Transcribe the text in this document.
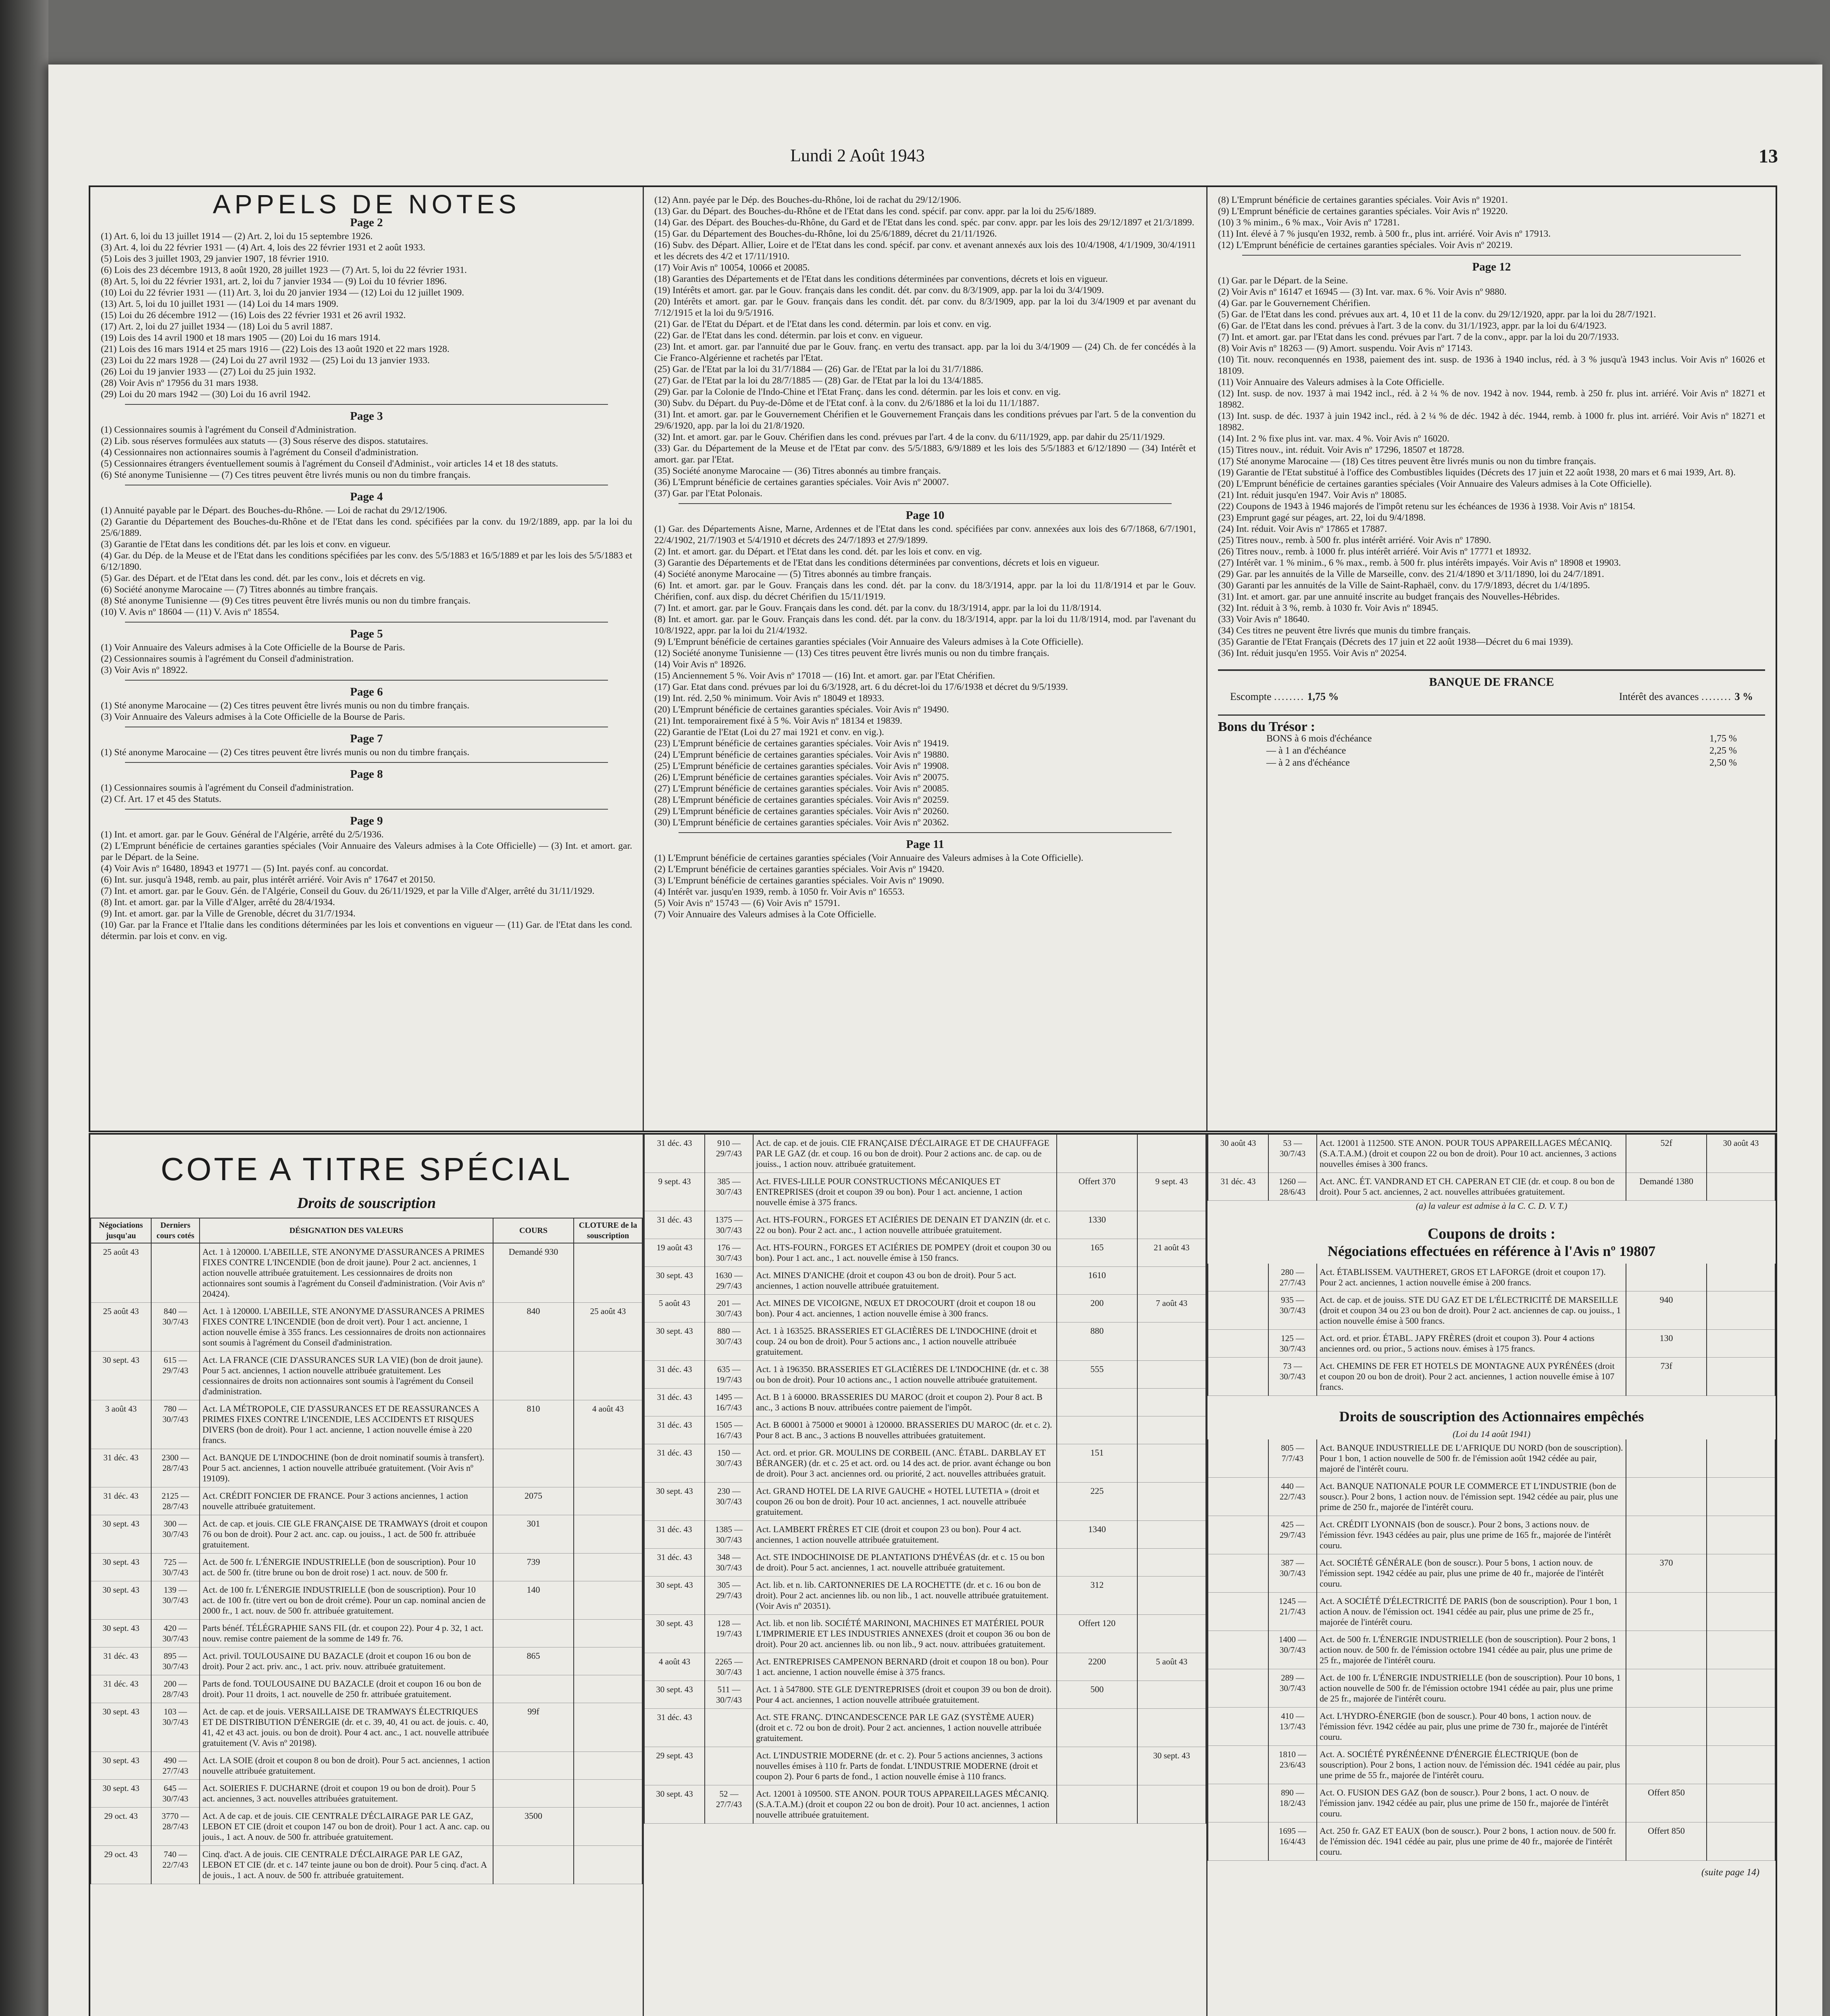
Lundi 2 Août 1943	13
APPELS DE NOTES
Page 2

(1) Art. 6, loi du 13 juillet 1914 — (2) Art. 2, loi du 15 septembre 1926.

(3) Art. 4, loi du 22 février 1931 — (4) Art. 4, lois des 22 février 1931 et 2 août 1933.

(5) Lois des 3 juillet 1903, 29 janvier 1907, 18 février 1910.

(6) Lois des 23 décembre 1913, 8 août 1920, 28 juillet 1923 — (7) Art. 5, loi du 22 février 1931.

(8) Art. 5, loi du 22 février 1931, art. 2, loi du 7 janvier 1934 — (9) Loi du 10 février 1896.

(10) Loi du 22 février 1931 — (11) Art. 3, loi du 20 janvier 1934 — (12) Loi du 12 juillet 1909.

(13) Art. 5, loi du 10 juillet 1931 — (14) Loi du 14 mars 1909.

(15) Loi du 26 décembre 1912 — (16) Lois des 22 février 1931 et 26 avril 1932.

(17) Art. 2, loi du 27 juillet 1934 — (18) Loi du 5 avril 1887.

(19) Lois des 14 avril 1900 et 18 mars 1905 — (20) Loi du 16 mars 1914.

(21) Lois des 16 mars 1914 et 25 mars 1916 — (22) Lois des 13 août 1920 et 22 mars 1928.

(23) Loi du 22 mars 1928 — (24) Loi du 27 avril 1932 — (25) Loi du 13 janvier 1933.

(26) Loi du 19 janvier 1933 — (27) Loi du 25 juin 1932.

(28) Voir Avis nº 17956 du 31 mars 1938.

(29) Loi du 20 mars 1942 — (30) Loi du 16 avril 1942.

Page 3

(1) Cessionnaires soumis à l'agrément du Conseil d'Administration.

(2) Lib. sous réserves formulées aux statuts — (3) Sous réserve des dispos. statutaires.

(4) Cessionnaires non actionnaires soumis à l'agrément du Conseil d'administration.

(5) Cessionnaires étrangers éventuellement soumis à l'agrément du Conseil d'Administ., voir articles 14 et 18 des statuts.

(6) Sté anonyme Tunisienne — (7) Ces titres peuvent être livrés munis ou non du timbre français.

Page 4

(1) Annuité payable par le Départ. des Bouches-du-Rhône. — Loi de rachat du 29/12/1906.

(2) Garantie du Département des Bouches-du-Rhône et de l'Etat dans les cond. spécifiées par la conv. du 19/2/1889, app. par la loi du 25/6/1889.

(3) Garantie de l'Etat dans les conditions dét. par les lois et conv. en vigueur.

(4) Gar. du Dép. de la Meuse et de l'Etat dans les conditions spécifiées par les conv. des 5/5/1883 et 16/5/1889 et par les lois des 5/5/1883 et 6/12/1890.

(5) Gar. des Départ. et de l'Etat dans les cond. dét. par les conv., lois et décrets en vig.

(6) Société anonyme Marocaine — (7) Titres abonnés au timbre français.

(8) Sté anonyme Tunisienne — (9) Ces titres peuvent être livrés munis ou non du timbre français.

(10) V. Avis nº 18604 — (11) V. Avis nº 18554.

Page 5

(1) Voir Annuaire des Valeurs admises à la Cote Officielle de la Bourse de Paris.

(2) Cessionnaires soumis à l'agrément du Conseil d'administration.

(3) Voir Avis nº 18922.

Page 6

(1) Sté anonyme Marocaine — (2) Ces titres peuvent être livrés munis ou non du timbre français.

(3) Voir Annuaire des Valeurs admises à la Cote Officielle de la Bourse de Paris.

Page 7

(1) Sté anonyme Marocaine — (2) Ces titres peuvent être livrés munis ou non du timbre français.

Page 8

(1) Cessionnaires soumis à l'agrément du Conseil d'administration.

(2) Cf. Art. 17 et 45 des Statuts.

Page 9

(1) Int. et amort. gar. par le Gouv. Général de l'Algérie, arrêté du 2/5/1936.

(2) L'Emprunt bénéficie de certaines garanties spéciales (Voir Annuaire des Valeurs admises à la Cote Officielle) — (3) Int. et amort. gar. par le Départ. de la Seine.

(4) Voir Avis nº 16480, 18943 et 19771 — (5) Int. payés conf. au concordat.

(6) Int. sur. jusqu'à 1948, remb. au pair, plus intérêt arriéré. Voir Avis nº 17647 et 20150.

(7) Int. et amort. gar. par le Gouv. Gén. de l'Algérie, Conseil du Gouv. du 26/11/1929, et par la Ville d'Alger, arrêté du 31/11/1929.

(8) Int. et amort. gar. par la Ville d'Alger, arrêté du 28/4/1934.

(9) Int. et amort. gar. par la Ville de Grenoble, décret du 31/7/1934.

(10) Gar. par la France et l'Italie dans les conditions déterminées par les lois et conventions en vigueur — (11) Gar. de l'Etat dans les cond. détermin. par lois et conv. en vig.

(12) Ann. payée par le Dép. des Bouches-du-Rhône, loi de rachat du 29/12/1906.

(13) Gar. du Départ. des Bouches-du-Rhône et de l'Etat dans les cond. spécif. par conv. appr. par la loi du 25/6/1889.

(14) Gar. des Départ. des Bouches-du-Rhône, du Gard et de l'Etat dans les cond. spéc. par conv. appr. par les lois des 29/12/1897 et 21/3/1899.

(15) Gar. du Département des Bouches-du-Rhône, loi du 25/6/1889, décret du 21/11/1926.

(16) Subv. des Départ. Allier, Loire et de l'Etat dans les cond. spécif. par conv. et avenant annexés aux lois des 10/4/1908, 4/1/1909, 30/4/1911 et les décrets des 4/2 et 17/11/1910.

(17) Voir Avis nº 10054, 10066 et 20085.

(18) Garanties des Départements et de l'Etat dans les conditions déterminées par conventions, décrets et lois en vigueur.

(19) Intérêts et amort. gar. par le Gouv. français dans les condit. dét. par conv. du 8/3/1909, app. par la loi du 3/4/1909.

(20) Intérêts et amort. gar. par le Gouv. français dans les condit. dét. par conv. du 8/3/1909, app. par la loi du 3/4/1909 et par avenant du 7/12/1915 et la loi du 9/5/1916.

(21) Gar. de l'Etat du Départ. et de l'Etat dans les cond. détermin. par lois et conv. en vig.

(22) Gar. de l'Etat dans les cond. détermin. par lois et conv. en vigueur.

(23) Int. et amort. gar. par l'annuité due par le Gouv. franç. en vertu des transact. app. par la loi du 3/4/1909 — (24) Ch. de fer concédés à la Cie Franco-Algérienne et rachetés par l'Etat.

(25) Gar. de l'Etat par la loi du 31/7/1884 — (26) Gar. de l'Etat par la loi du 31/7/1886.

(27) Gar. de l'Etat par la loi du 28/7/1885 — (28) Gar. de l'Etat par la loi du 13/4/1885.

(29) Gar. par la Colonie de l'Indo-Chine et l'Etat Franç. dans les cond. détermin. par les lois et conv. en vig.

(30) Subv. du Départ. du Puy-de-Dôme et de l'Etat conf. à la conv. du 2/6/1886 et la loi du 11/1/1887.

(31) Int. et amort. gar. par le Gouvernement Chérifien et le Gouvernement Français dans les conditions prévues par l'art. 5 de la convention du 29/6/1920, app. par la loi du 21/8/1920.

(32) Int. et amort. gar. par le Gouv. Chérifien dans les cond. prévues par l'art. 4 de la conv. du 6/11/1929, app. par dahir du 25/11/1929.

(33) Gar. du Département de la Meuse et de l'Etat par conv. des 5/5/1883, 6/9/1889 et les lois des 5/5/1883 et 6/12/1890 — (34) Intérêt et amort. gar. par l'Etat.

(35) Société anonyme Marocaine — (36) Titres abonnés au timbre français.

(36) L'Emprunt bénéficie de certaines garanties spéciales. Voir Avis nº 20007.

(37) Gar. par l'Etat Polonais.

Page 10

(1) Gar. des Départements Aisne, Marne, Ardennes et de l'Etat dans les cond. spécifiées par conv. annexées aux lois des 6/7/1868, 6/7/1901, 22/4/1902, 21/7/1903 et 5/4/1910 et décrets des 24/7/1893 et 27/9/1899.

(2) Int. et amort. gar. du Départ. et l'Etat dans les cond. dét. par les lois et conv. en vig.

(3) Garantie des Départements et de l'Etat dans les conditions déterminées par conventions, décrets et lois en vigueur.

(4) Société anonyme Marocaine — (5) Titres abonnés au timbre français.

(6) Int. et amort. gar. par le Gouv. Français dans les cond. dét. par la conv. du 18/3/1914, appr. par la loi du 11/8/1914 et par le Gouv. Chérifien, conf. aux disp. du décret Chérifien du 15/11/1919.

(7) Int. et amort. gar. par le Gouv. Français dans les cond. dét. par la conv. du 18/3/1914, appr. par la loi du 11/8/1914.

(8) Int. et amort. gar. par le Gouv. Français dans les cond. dét. par la conv. du 18/3/1914, appr. par la loi du 11/8/1914, mod. par l'avenant du 10/8/1922, appr. par la loi du 21/4/1932.

(9) L'Emprunt bénéficie de certaines garanties spéciales (Voir Annuaire des Valeurs admises à la Cote Officielle).

(12) Société anonyme Tunisienne — (13) Ces titres peuvent être livrés munis ou non du timbre français.

(14) Voir Avis nº 18926.

(15) Anciennement 5 %. Voir Avis nº 17018 — (16) Int. et amort. gar. par l'Etat Chérifien.

(17) Gar. Etat dans cond. prévues par loi du 6/3/1928, art. 6 du décret-loi du 17/6/1938 et décret du 9/5/1939.

(19) Int. réd. 2,50 % minimum. Voir Avis nº 18049 et 18933.

(20) L'Emprunt bénéficie de certaines garanties spéciales. Voir Avis nº 19490.

(21) Int. temporairement fixé à 5 %. Voir Avis nº 18134 et 19839.

(22) Garantie de l'Etat (Loi du 27 mai 1921 et conv. en vig.).

(23) L'Emprunt bénéficie de certaines garanties spéciales. Voir Avis nº 19419.

(24) L'Emprunt bénéficie de certaines garanties spéciales. Voir Avis nº 19880.

(25) L'Emprunt bénéficie de certaines garanties spéciales. Voir Avis nº 19908.

(26) L'Emprunt bénéficie de certaines garanties spéciales. Voir Avis nº 20075.

(27) L'Emprunt bénéficie de certaines garanties spéciales. Voir Avis nº 20085.

(28) L'Emprunt bénéficie de certaines garanties spéciales. Voir Avis nº 20259.

(29) L'Emprunt bénéficie de certaines garanties spéciales. Voir Avis nº 20260.

(30) L'Emprunt bénéficie de certaines garanties spéciales. Voir Avis nº 20362.

Page 11

(1) L'Emprunt bénéficie de certaines garanties spéciales (Voir Annuaire des Valeurs admises à la Cote Officielle).

(2) L'Emprunt bénéficie de certaines garanties spéciales. Voir Avis nº 19420.

(3) L'Emprunt bénéficie de certaines garanties spéciales. Voir Avis nº 19090.

(4) Intérêt var. jusqu'en 1939, remb. à 1050 fr. Voir Avis nº 16553.

(5) Voir Avis nº 15743 — (6) Voir Avis nº 15791.

(7) Voir Annuaire des Valeurs admises à la Cote Officielle.

(8) L'Emprunt bénéficie de certaines garanties spéciales. Voir Avis nº 19201.

(9) L'Emprunt bénéficie de certaines garanties spéciales. Voir Avis nº 19220.

(10) 3 % minim., 6 % max., Voir Avis nº 17281.

(11) Int. élevé à 7 % jusqu'en 1932, remb. à 500 fr., plus int. arriéré. Voir Avis nº 17913.

(12) L'Emprunt bénéficie de certaines garanties spéciales. Voir Avis nº 20219.

Page 12

(1) Gar. par le Départ. de la Seine.

(2) Voir Avis nº 16147 et 16945 — (3) Int. var. max. 6 %. Voir Avis nº 9880.

(4) Gar. par le Gouvernement Chérifien.

(5) Gar. de l'Etat dans les cond. prévues aux art. 4, 10 et 11 de la conv. du 29/12/1920, appr. par la loi du 28/7/1921.

(6) Gar. de l'Etat dans les cond. prévues à l'art. 3 de la conv. du 31/1/1923, appr. par la loi du 6/4/1923.

(7) Int. et amort. gar. par l'Etat dans les cond. prévues par l'art. 7 de la conv., appr. par la loi du 20/7/1933.

(8) Voir Avis nº 18263 — (9) Amort. suspendu. Voir Avis nº 17143.

(10) Tit. nouv. reconquennés en 1938, paiement des int. susp. de 1936 à 1940 inclus, réd. à 3 % jusqu'à 1943 inclus. Voir Avis nº 16026 et 18109.

(11) Voir Annuaire des Valeurs admises à la Cote Officielle.

(12) Int. susp. de nov. 1937 à mai 1942 incl., réd. à 2 ¼ % de nov. 1942 à nov. 1944, remb. à 250 fr. plus int. arriéré. Voir Avis nº 18271 et 18982.

(13) Int. susp. de déc. 1937 à juin 1942 incl., réd. à 2 ¼ % de déc. 1942 à déc. 1944, remb. à 1000 fr. plus int. arriéré. Voir Avis nº 18271 et 18982.

(14) Int. 2 % fixe plus int. var. max. 4 %. Voir Avis nº 16020.

(15) Titres nouv., int. réduit. Voir Avis nº 17296, 18507 et 18728.

(17) Sté anonyme Marocaine — (18) Ces titres peuvent être livrés munis ou non du timbre français.

(19) Garantie de l'Etat substitué à l'office des Combustibles liquides (Décrets des 17 juin et 22 août 1938, 20 mars et 6 mai 1939, Art. 8).

(20) L'Emprunt bénéficie de certaines garanties spéciales (Voir Annuaire des Valeurs admises à la Cote Officielle).

(21) Int. réduit jusqu'en 1947. Voir Avis nº 18085.

(22) Coupons de 1943 à 1946 majorés de l'impôt retenu sur les échéances de 1936 à 1938. Voir Avis nº 18154.

(23) Emprunt gagé sur péages, art. 22, loi du 9/4/1898.

(24) Int. réduit. Voir Avis nº 17865 et 17887.

(25) Titres nouv., remb. à 500 fr. plus intérêt arriéré. Voir Avis nº 17890.

(26) Titres nouv., remb. à 1000 fr. plus intérêt arriéré. Voir Avis nº 17771 et 18932.

(27) Intérêt var. 1 % minim., 6 % max., remb. à 500 fr. plus intérêts impayés. Voir Avis nº 18908 et 19903.

(29) Gar. par les annuités de la Ville de Marseille, conv. des 21/4/1890 et 3/11/1890, loi du 24/7/1891.

(30) Garanti par les annuités de la Ville de Saint-Raphaël, conv. du 17/9/1893, décret du 1/4/1895.

(31) Int. et amort. gar. par une annuité inscrite au budget français des Nouvelles-Hébrides.

(32) Int. réduit à 3 %, remb. à 1030 fr. Voir Avis nº 18945.

(33) Voir Avis nº 18640.

(34) Ces titres ne peuvent être livrés que munis du timbre français.

(35) Garantie de l'Etat Français (Décrets des 17 juin et 22 août 1938—Décret du 6 mai 1939).

(36) Int. réduit jusqu'en 1955. Voir Avis nº 20254.

BANQUE DE FRANCE
Escompte ........ 1,75 %	Intérêt des avances ........ 3 %
Bons du Trésor :
BONS à 6 mois d'échéance	1,75 %
— à 1 an d'échéance	2,25 %
— à 2 ans d'échéance	2,50 %
COTE A TITRE SPÉCIAL
Droits de souscription
Négociations jusqu'au	Derniers cours cotés	DÉSIGNATION DES VALEURS	COURS	CLOTURE de la souscription
25 août 43		Act. 1 à 120000. L'ABEILLE, STE ANONYME D'ASSURANCES A PRIMES FIXES CONTRE L'INCENDIE (bon de droit jaune). Pour 2 act. anciennes, 1 action nouvelle attribuée gratuitement. Les cessionnaires de droits non actionnaires sont soumis à l'agrément du Conseil d'administration. (Voir Avis nº 20424).	Demandé 930	
25 août 43	840 — 30/7/43	Act. 1 à 120000. L'ABEILLE, STE ANONYME D'ASSURANCES A PRIMES FIXES CONTRE L'INCENDIE (bon de droit vert). Pour 1 act. ancienne, 1 action nouvelle émise à 355 francs. Les cessionnaires de droits non actionnaires sont soumis à l'agrément du Conseil d'administration.	840	25 août 43
30 sept. 43	615 — 29/7/43	Act. LA FRANCE (CIE D'ASSURANCES SUR LA VIE) (bon de droit jaune). Pour 5 act. anciennes, 1 action nouvelle attribuée gratuitement. Les cessionnaires de droits non actionnaires sont soumis à l'agrément du Conseil d'administration.		
3 août 43	780 — 30/7/43	Act. LA MÉTROPOLE, CIE D'ASSURANCES ET DE REASSURANCES A PRIMES FIXES CONTRE L'INCENDIE, LES ACCIDENTS ET RISQUES DIVERS (bon de droit). Pour 1 act. ancienne, 1 action nouvelle émise à 220 francs.	810	4 août 43
31 déc. 43	2300 — 28/7/43	Act. BANQUE DE L'INDOCHINE (bon de droit nominatif soumis à transfert). Pour 5 act. anciennes, 1 action nouvelle attribuée gratuitement. (Voir Avis nº 19109).		
31 déc. 43	2125 — 28/7/43	Act. CRÉDIT FONCIER DE FRANCE. Pour 3 actions anciennes, 1 action nouvelle attribuée gratuitement.	2075	
30 sept. 43	300 — 30/7/43	Act. de cap. et jouis. CIE GLE FRANÇAISE DE TRAMWAYS (droit et coupon 76 ou bon de droit). Pour 2 act. anc. cap. ou jouiss., 1 act. de 500 fr. attribuée gratuitement.	301	
30 sept. 43	725 — 30/7/43	Act. de 500 fr. L'ÉNERGIE INDUSTRIELLE (bon de souscription). Pour 10 act. de 500 fr. (titre brune ou bon de droit rose) 1 act. nouv. de 500 fr.	739	
30 sept. 43	139 — 30/7/43	Act. de 100 fr. L'ÉNERGIE INDUSTRIELLE (bon de souscription). Pour 10 act. de 100 fr. (titre vert ou bon de droit créme). Pour un cap. nominal ancien de 2000 fr., 1 act. nouv. de 500 fr. attribuée gratuitement.	140	
30 sept. 43	420 — 30/7/43	Parts bénéf. TÉLÉGRAPHIE SANS FIL (dr. et coupon 22). Pour 4 p. 32, 1 act. nouv. remise contre paiement de la somme de 149 fr. 76.		
31 déc. 43	895 — 30/7/43	Act. privil. TOULOUSAINE DU BAZACLE (droit et coupon 16 ou bon de droit). Pour 2 act. priv. anc., 1 act. priv. nouv. attribuée gratuitement.	865	
31 déc. 43	200 — 28/7/43	Parts de fond. TOULOUSAINE DU BAZACLE (droit et coupon 16 ou bon de droit). Pour 11 droits, 1 act. nouvelle de 250 fr. attribuée gratuitement.		
30 sept. 43	103 — 30/7/43	Act. de cap. et de jouis. VERSAILLAISE DE TRAMWAYS ÉLECTRIQUES ET DE DISTRIBUTION D'ÉNERGIE (dr. et c. 39, 40, 41 ou act. de jouis. c. 40, 41, 42 et 43 act. jouis. ou bon de droit). Pour 4 act. anc., 1 act. nouvelle attribuée gratuitement (V. Avis nº 20198).	99f	
30 sept. 43	490 — 27/7/43	Act. LA SOIE (droit et coupon 8 ou bon de droit). Pour 5 act. anciennes, 1 action nouvelle attribuée gratuitement.		
30 sept. 43	645 — 30/7/43	Act. SOIERIES F. DUCHARNE (droit et coupon 19 ou bon de droit). Pour 5 act. anciennes, 3 act. nouvelles attribuées gratuitement.		
29 oct. 43	3770 — 28/7/43	Act. A de cap. et de jouis. CIE CENTRALE D'ÉCLAIRAGE PAR LE GAZ, LEBON ET CIE (droit et coupon 147 ou bon de droit). Pour 1 act. A anc. cap. ou jouis., 1 act. A nouv. de 500 fr. attribuée gratuitement.	3500	
29 oct. 43	740 — 22/7/43	Cinq. d'act. A de jouis. CIE CENTRALE D'ÉCLAIRAGE PAR LE GAZ, LEBON ET CIE (dr. et c. 147 teinte jaune ou bon de droit). Pour 5 cinq. d'act. A de jouis., 1 act. A nouv. de 500 fr. attribuée gratuitement.		
31 déc. 43	910 — 29/7/43	Act. de cap. et de jouis. CIE FRANÇAISE D'ÉCLAIRAGE ET DE CHAUFFAGE PAR LE GAZ (dr. et coup. 16 ou bon de droit). Pour 2 actions anc. de cap. ou de jouiss., 1 action nouv. attribuée gratuitement.		
9 sept. 43	385 — 30/7/43	Act. FIVES-LILLE POUR CONSTRUCTIONS MÉCANIQUES ET ENTREPRISES (droit et coupon 39 ou bon). Pour 1 act. ancienne, 1 action nouvelle émise à 375 francs.	Offert 370	9 sept. 43
31 déc. 43	1375 — 30/7/43	Act. HTS-FOURN., FORGES ET ACIÉRIES DE DENAIN ET D'ANZIN (dr. et c. 22 ou bon). Pour 2 act. anc., 1 action nouvelle attribuée gratuitement.	1330	
19 août 43	176 — 30/7/43	Act. HTS-FOURN., FORGES ET ACIÉRIES DE POMPEY (droit et coupon 30 ou bon). Pour 1 act. anc., 1 act. nouvelle émise à 150 francs.	165	21 août 43
30 sept. 43	1630 — 29/7/43	Act. MINES D'ANICHE (droit et coupon 43 ou bon de droit). Pour 5 act. anciennes, 1 action nouvelle attribuée gratuitement.	1610	
5 août 43	201 — 30/7/43	Act. MINES DE VICOIGNE, NŒUX ET DROCOURT (droit et coupon 18 ou bon). Pour 4 act. anciennes, 1 action nouvelle émise à 300 francs.	200	7 août 43
30 sept. 43	880 — 30/7/43	Act. 1 à 163525. BRASSERIES ET GLACIÈRES DE L'INDOCHINE (droit et coup. 24 ou bon de droit). Pour 5 actions anc., 1 action nouvelle attribuée gratuitement.	880	
31 déc. 43	635 — 19/7/43	Act. 1 à 196350. BRASSERIES ET GLACIÈRES DE L'INDOCHINE (dr. et c. 38 ou bon de droit). Pour 10 actions anc., 1 action nouvelle attribuée gratuitement.	555	
31 déc. 43	1495 — 16/7/43	Act. B 1 à 60000. BRASSERIES DU MAROC (droit et coupon 2). Pour 8 act. B anc., 3 actions B nouv. attribuées contre paiement de l'impôt.		
31 déc. 43	1505 — 16/7/43	Act. B 60001 à 75000 et 90001 à 120000. BRASSERIES DU MAROC (dr. et c. 2). Pour 8 act. B anc., 3 actions B nouvelles attribuées gratuitement.		
31 déc. 43	150 — 30/7/43	Act. ord. et prior. GR. MOULINS DE CORBEIL (ANC. ÉTABL. DARBLAY ET BÉRANGER) (dr. et c. 25 et act. ord. ou 14 des act. de prior. avant échange ou bon de droit). Pour 3 act. anciennes ord. ou priorité, 2 act. nouvelles attribuées gratuit.	151	
30 sept. 43	230 — 30/7/43	Act. GRAND HOTEL DE LA RIVE GAUCHE « HOTEL LUTETIA » (droit et coupon 26 ou bon de droit). Pour 10 act. anciennes, 1 act. nouvelle attribuée gratuitement.	225	
31 déc. 43	1385 — 30/7/43	Act. LAMBERT FRÈRES ET CIE (droit et coupon 23 ou bon). Pour 4 act. anciennes, 1 action nouvelle attribuée gratuitement.	1340	
31 déc. 43	348 — 30/7/43	Act. STE INDOCHINOISE DE PLANTATIONS D'HÉVÉAS (dr. et c. 15 ou bon de droit). Pour 5 act. anciennes, 1 act. nouvelle attribuée gratuitement.		
30 sept. 43	305 — 29/7/43	Act. lib. et n. lib. CARTONNERIES DE LA ROCHETTE (dr. et c. 16 ou bon de droit). Pour 2 act. anciennes lib. ou non lib., 1 act. nouvelle attribuée gratuitement. (Voir Avis nº 20351).	312	
30 sept. 43	128 — 19/7/43	Act. lib. et non lib. SOCIÉTÉ MARINONI, MACHINES ET MATÉRIEL POUR L'IMPRIMERIE ET LES INDUSTRIES ANNEXES (droit et coupon 36 ou bon de droit). Pour 20 act. anciennes lib. ou non lib., 9 act. nouv. attribuées gratuitement.	Offert 120	
4 août 43	2265 — 30/7/43	Act. ENTREPRISES CAMPENON BERNARD (droit et coupon 18 ou bon). Pour 1 act. ancienne, 1 action nouvelle émise à 375 francs.	2200	5 août 43
30 sept. 43	511 — 30/7/43	Act. 1 à 547800. STE GLE D'ENTREPRISES (droit et coupon 39 ou bon de droit). Pour 4 act. anciennes, 1 action nouvelle attribuée gratuitement.	500	
31 déc. 43		Act. STE FRANÇ. D'INCANDESCENCE PAR LE GAZ (SYSTÈME AUER) (droit et c. 72 ou bon de droit). Pour 2 act. anciennes, 1 action nouvelle attribuée gratuitement.		
29 sept. 43		Act. L'INDUSTRIE MODERNE (dr. et c. 2). Pour 5 actions anciennes, 3 actions nouvelles émises à 110 fr. Parts de fondat. L'INDUSTRIE MODERNE (droit et coupon 2). Pour 6 parts de fond., 1 action nouvelle émise à 110 francs.		30 sept. 43
30 sept. 43	52 — 27/7/43	Act. 12001 à 109500. STE ANON. POUR TOUS APPAREILLAGES MÉCANIQ. (S.A.T.A.M.) (droit et coupon 22 ou bon de droit). Pour 10 act. anciennes, 1 action nouvelle attribuée gratuitement.		
30 août 43	53 — 30/7/43	Act. 12001 à 112500. STE ANON. POUR TOUS APPAREILLAGES MÉCANIQ. (S.A.T.A.M.) (droit et coupon 22 ou bon de droit). Pour 10 act. anciennes, 3 actions nouvelles émises à 300 francs.	52f	30 août 43
31 déc. 43	1260 — 28/6/43	Act. ANC. ÉT. VANDRAND ET CH. CAPERAN ET CIE (dr. et coup. 8 ou bon de droit). Pour 5 act. anciennes, 2 act. nouvelles attribuées gratuitement.	Demandé 1380	
(a) la valeur est admise à la C. C. D. V. T.)
Coupons de droits :
Négociations effectuées en référence à l'Avis nº 19807
	280 — 27/7/43	Act. ÉTABLISSEM. VAUTHERET, GROS ET LAFORGE (droit et coupon 17). Pour 2 act. anciennes, 1 action nouvelle émise à 200 francs.		
	935 — 30/7/43	Act. de cap. et de jouiss. STE DU GAZ ET DE L'ÉLECTRICITÉ DE MARSEILLE (droit et coupon 34 ou 23 ou bon de droit). Pour 2 act. anciennes de cap. ou jouiss., 1 action nouvelle émise à 500 francs.	940	
	125 — 30/7/43	Act. ord. et prior. ÉTABL. JAPY FRÈRES (droit et coupon 3). Pour 4 actions anciennes ord. ou prior., 5 actions nouv. émises à 175 francs.	130	
	73 — 30/7/43	Act. CHEMINS DE FER ET HOTELS DE MONTAGNE AUX PYRÉNÉES (droit et coupon 20 ou bon de droit). Pour 2 act. anciennes, 1 action nouvelle émise à 107 francs.	73f	
Droits de souscription des Actionnaires empêchés
(Loi du 14 août 1941)
	805 — 7/7/43	Act. BANQUE INDUSTRIELLE DE L'AFRIQUE DU NORD (bon de souscription). Pour 1 bon, 1 action nouvelle de 500 fr. de l'émission août 1942 cédée au pair, majoré de l'intérêt couru.		
	440 — 22/7/43	Act. BANQUE NATIONALE POUR LE COMMERCE ET L'INDUSTRIE (bon de souscr.). Pour 2 bons, 1 action nouv. de l'émission sept. 1942 cédée au pair, plus une prime de 250 fr., majorée de l'intérêt couru.		
	425 — 29/7/43	Act. CRÉDIT LYONNAIS (bon de souscr.). Pour 2 bons, 3 actions nouv. de l'émission févr. 1943 cédées au pair, plus une prime de 165 fr., majorée de l'intérêt couru.		
	387 — 30/7/43	Act. SOCIÉTÉ GÉNÉRALE (bon de souscr.). Pour 5 bons, 1 action nouv. de l'émission sept. 1942 cédée au pair, plus une prime de 40 fr., majorée de l'intérêt couru.	370	
	1245 — 21/7/43	Act. A SOCIÉTÉ D'ÉLECTRICITÉ DE PARIS (bon de souscription). Pour 1 bon, 1 action A nouv. de l'émission oct. 1941 cédée au pair, plus une prime de 25 fr., majorée de l'intérêt couru.		
	1400 — 30/7/43	Act. de 500 fr. L'ÉNERGIE INDUSTRIELLE (bon de souscription). Pour 2 bons, 1 action nouv. de 500 fr. de l'émission octobre 1941 cédée au pair, plus une prime de 25 fr., majorée de l'intérêt couru.		
	289 — 30/7/43	Act. de 100 fr. L'ÉNERGIE INDUSTRIELLE (bon de souscription). Pour 10 bons, 1 action nouvelle de 500 fr. de l'émission octobre 1941 cédée au pair, plus une prime de 25 fr., majorée de l'intérêt couru.		
	410 — 13/7/43	Act. L'HYDRO-ÉNERGIE (bon de souscr.). Pour 40 bons, 1 action nouv. de l'émission févr. 1942 cédée au pair, plus une prime de 730 fr., majorée de l'intérêt couru.		
	1810 — 23/6/43	Act. A. SOCIÉTÉ PYRÉNÉENNE D'ÉNERGIE ÉLECTRIQUE (bon de souscription). Pour 2 bons, 1 action nouv. de l'émission déc. 1941 cédée au pair, plus une prime de 55 fr., majorée de l'intérêt couru.		
	890 — 18/2/43	Act. O. FUSION DES GAZ (bon de souscr.). Pour 2 bons, 1 act. O nouv. de l'émission janv. 1942 cédée au pair, plus une prime de 150 fr., majorée de l'intérêt couru.	Offert 850	
	1695 — 16/4/43	Act. 250 fr. GAZ ET EAUX (bon de souscr.). Pour 2 bons, 1 action nouv. de 500 fr. de l'émission déc. 1941 cédée au pair, plus une prime de 40 fr., majorée de l'intérêt couru.	Offert 850	
(suite page 14)
